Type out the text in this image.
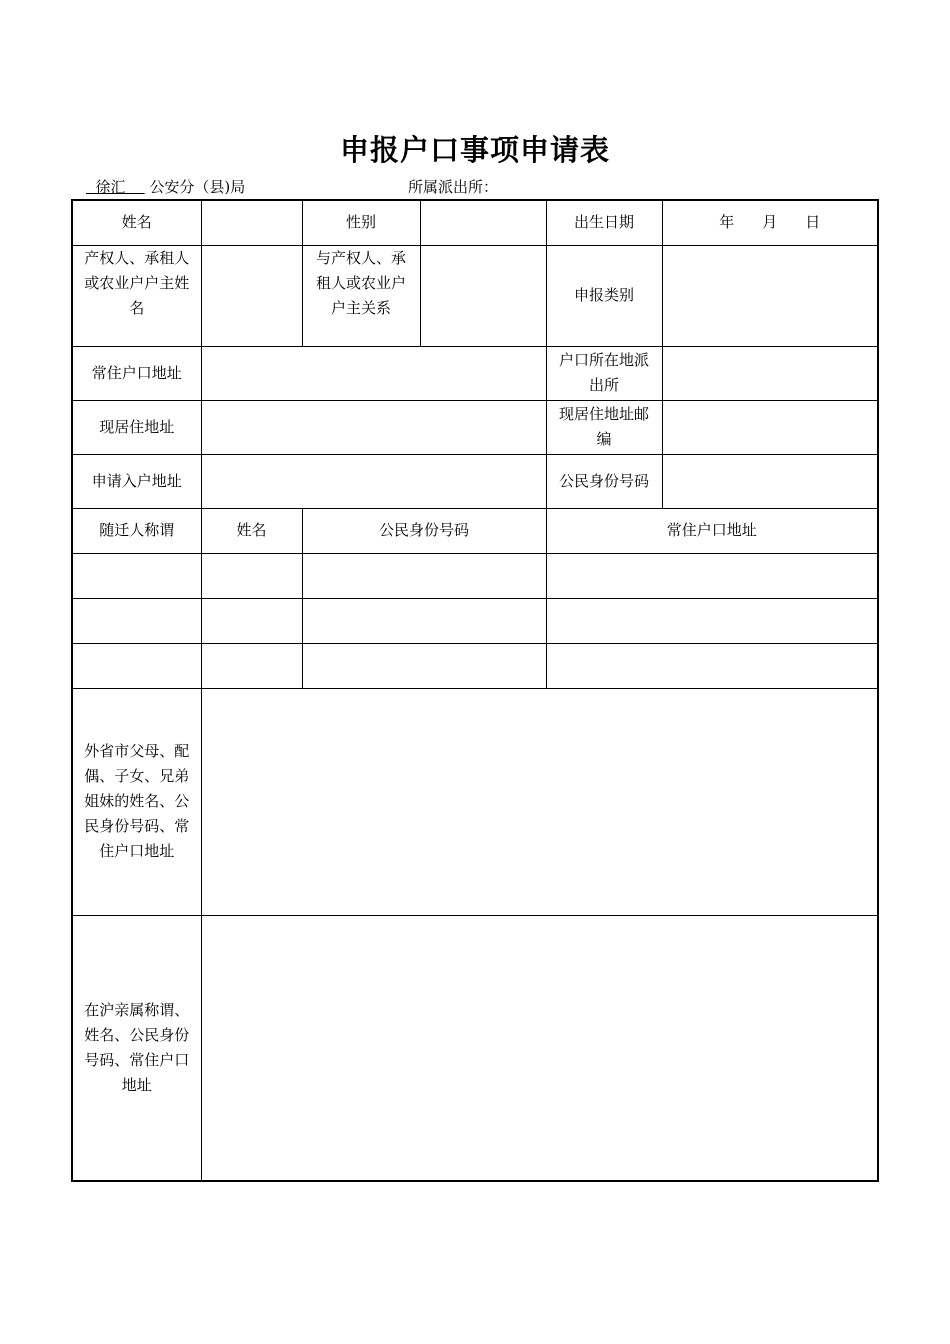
申报户口事项申请表
徐汇     公安分（县)局	所属派出所：
姓名		性别		出生日期	年 月 日
产权人、承租人或农业户户主姓名		与产权人、承租人或农业户户主关系		申报类别	
常住户口地址				户口所在地派出所	
现居住地址				现居住地址邮编	
申请入户地址				公民身份号码	
随迁人称谓	姓名	公民身份号码		常住户口地址	

外省市父母、配偶、子女、兄弟姐妹的姓名、公民身份号码、常住户口地址					
在沪亲属称谓、姓名、公民身份号码、常住户口地址					
